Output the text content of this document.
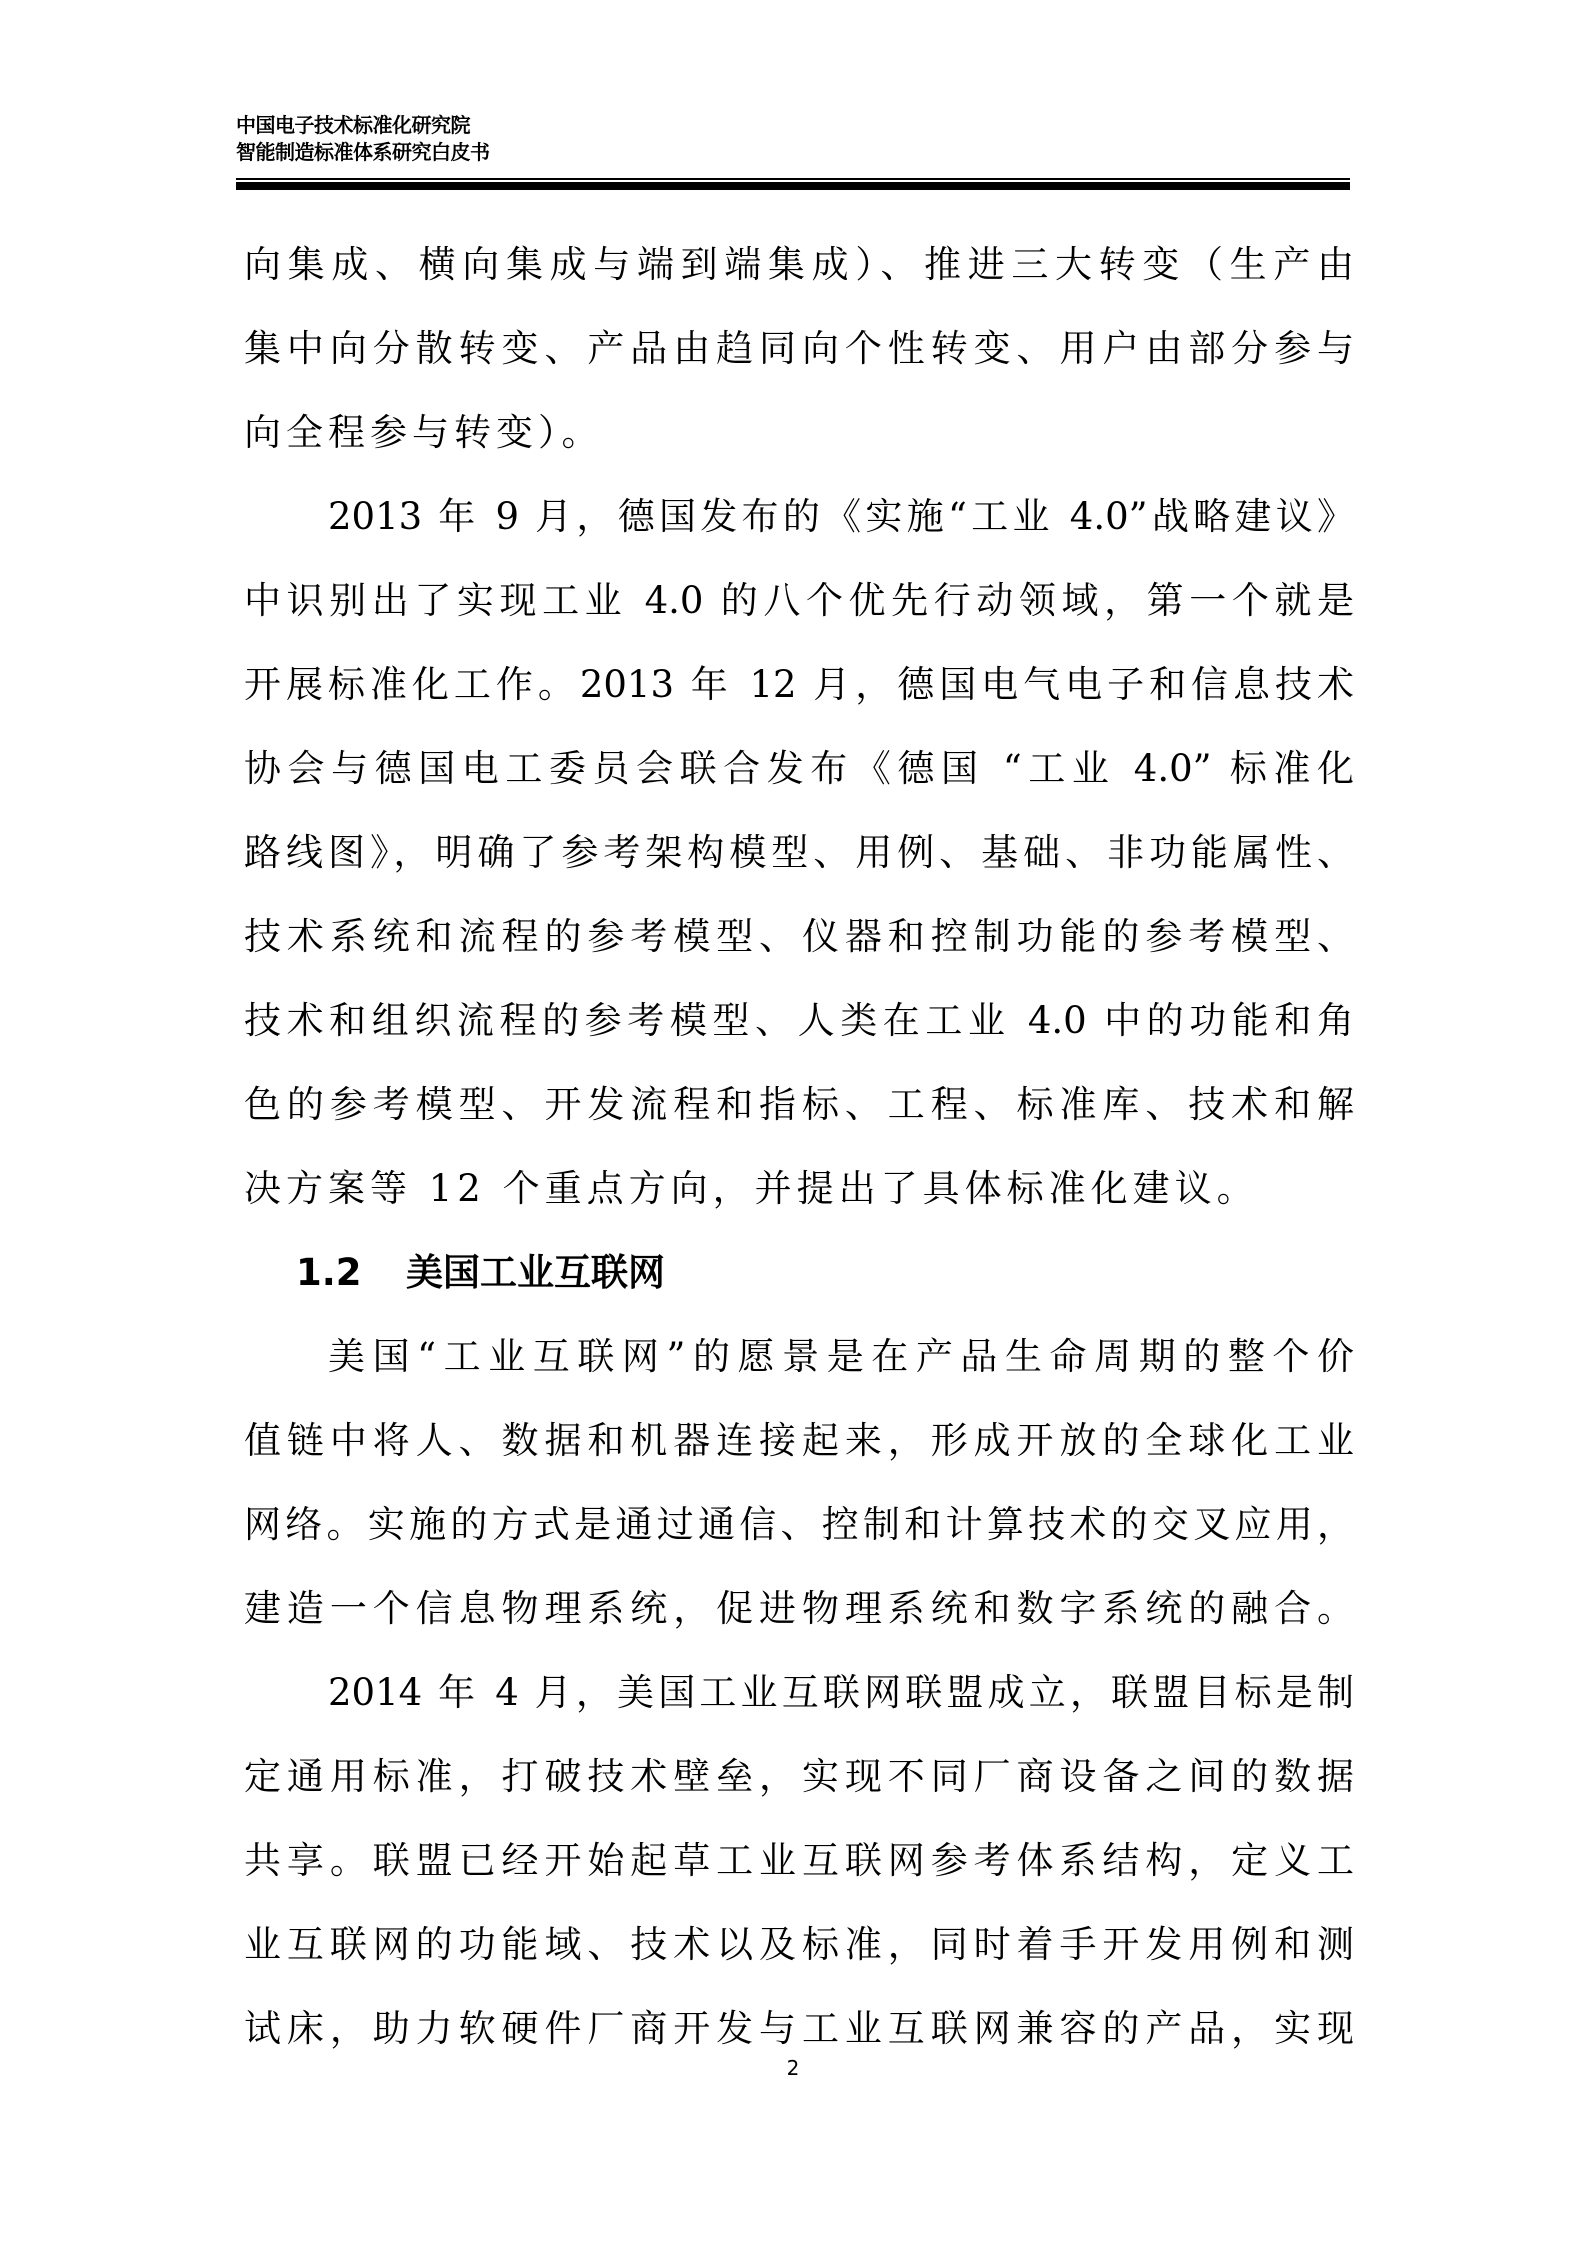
中国电子技术标准化研究院
智能制造标准体系研究白皮书
向集成、横向集成与端到端集成）、推进三大转变（生产由
集中向分散转变、产品由趋同向个性转变、用户由部分参与
向全程参与转变）。
2013 年 9 月，德国发布的《实施“工业 4.0”战略建议》
中识别出了实现工业 4.0 的八个优先行动领域，第一个就是
开展标准化工作。2013 年 12 月，德国电气电子和信息技术
协会与德国电工委员会联合发布《德国 “工业 4.0” 标准化
路线图》，明确了参考架构模型、用例、基础、非功能属性、
技术系统和流程的参考模型、仪器和控制功能的参考模型、
技术和组织流程的参考模型、人类在工业 4.0 中的功能和角
色的参考模型、开发流程和指标、工程、标准库、技术和解
决方案等 12 个重点方向，并提出了具体标准化建议。
1.2 美国工业互联网
美国“工业互联网”的愿景是在产品生命周期的整个价
值链中将人、数据和机器连接起来，形成开放的全球化工业
网络。实施的方式是通过通信、控制和计算技术的交叉应用，
建造一个信息物理系统，促进物理系统和数字系统的融合。
2014 年 4 月，美国工业互联网联盟成立，联盟目标是制
定通用标准，打破技术壁垒，实现不同厂商设备之间的数据
共享。联盟已经开始起草工业互联网参考体系结构，定义工
业互联网的功能域、技术以及标准，同时着手开发用例和测
试床，助力软硬件厂商开发与工业互联网兼容的产品，实现
2
